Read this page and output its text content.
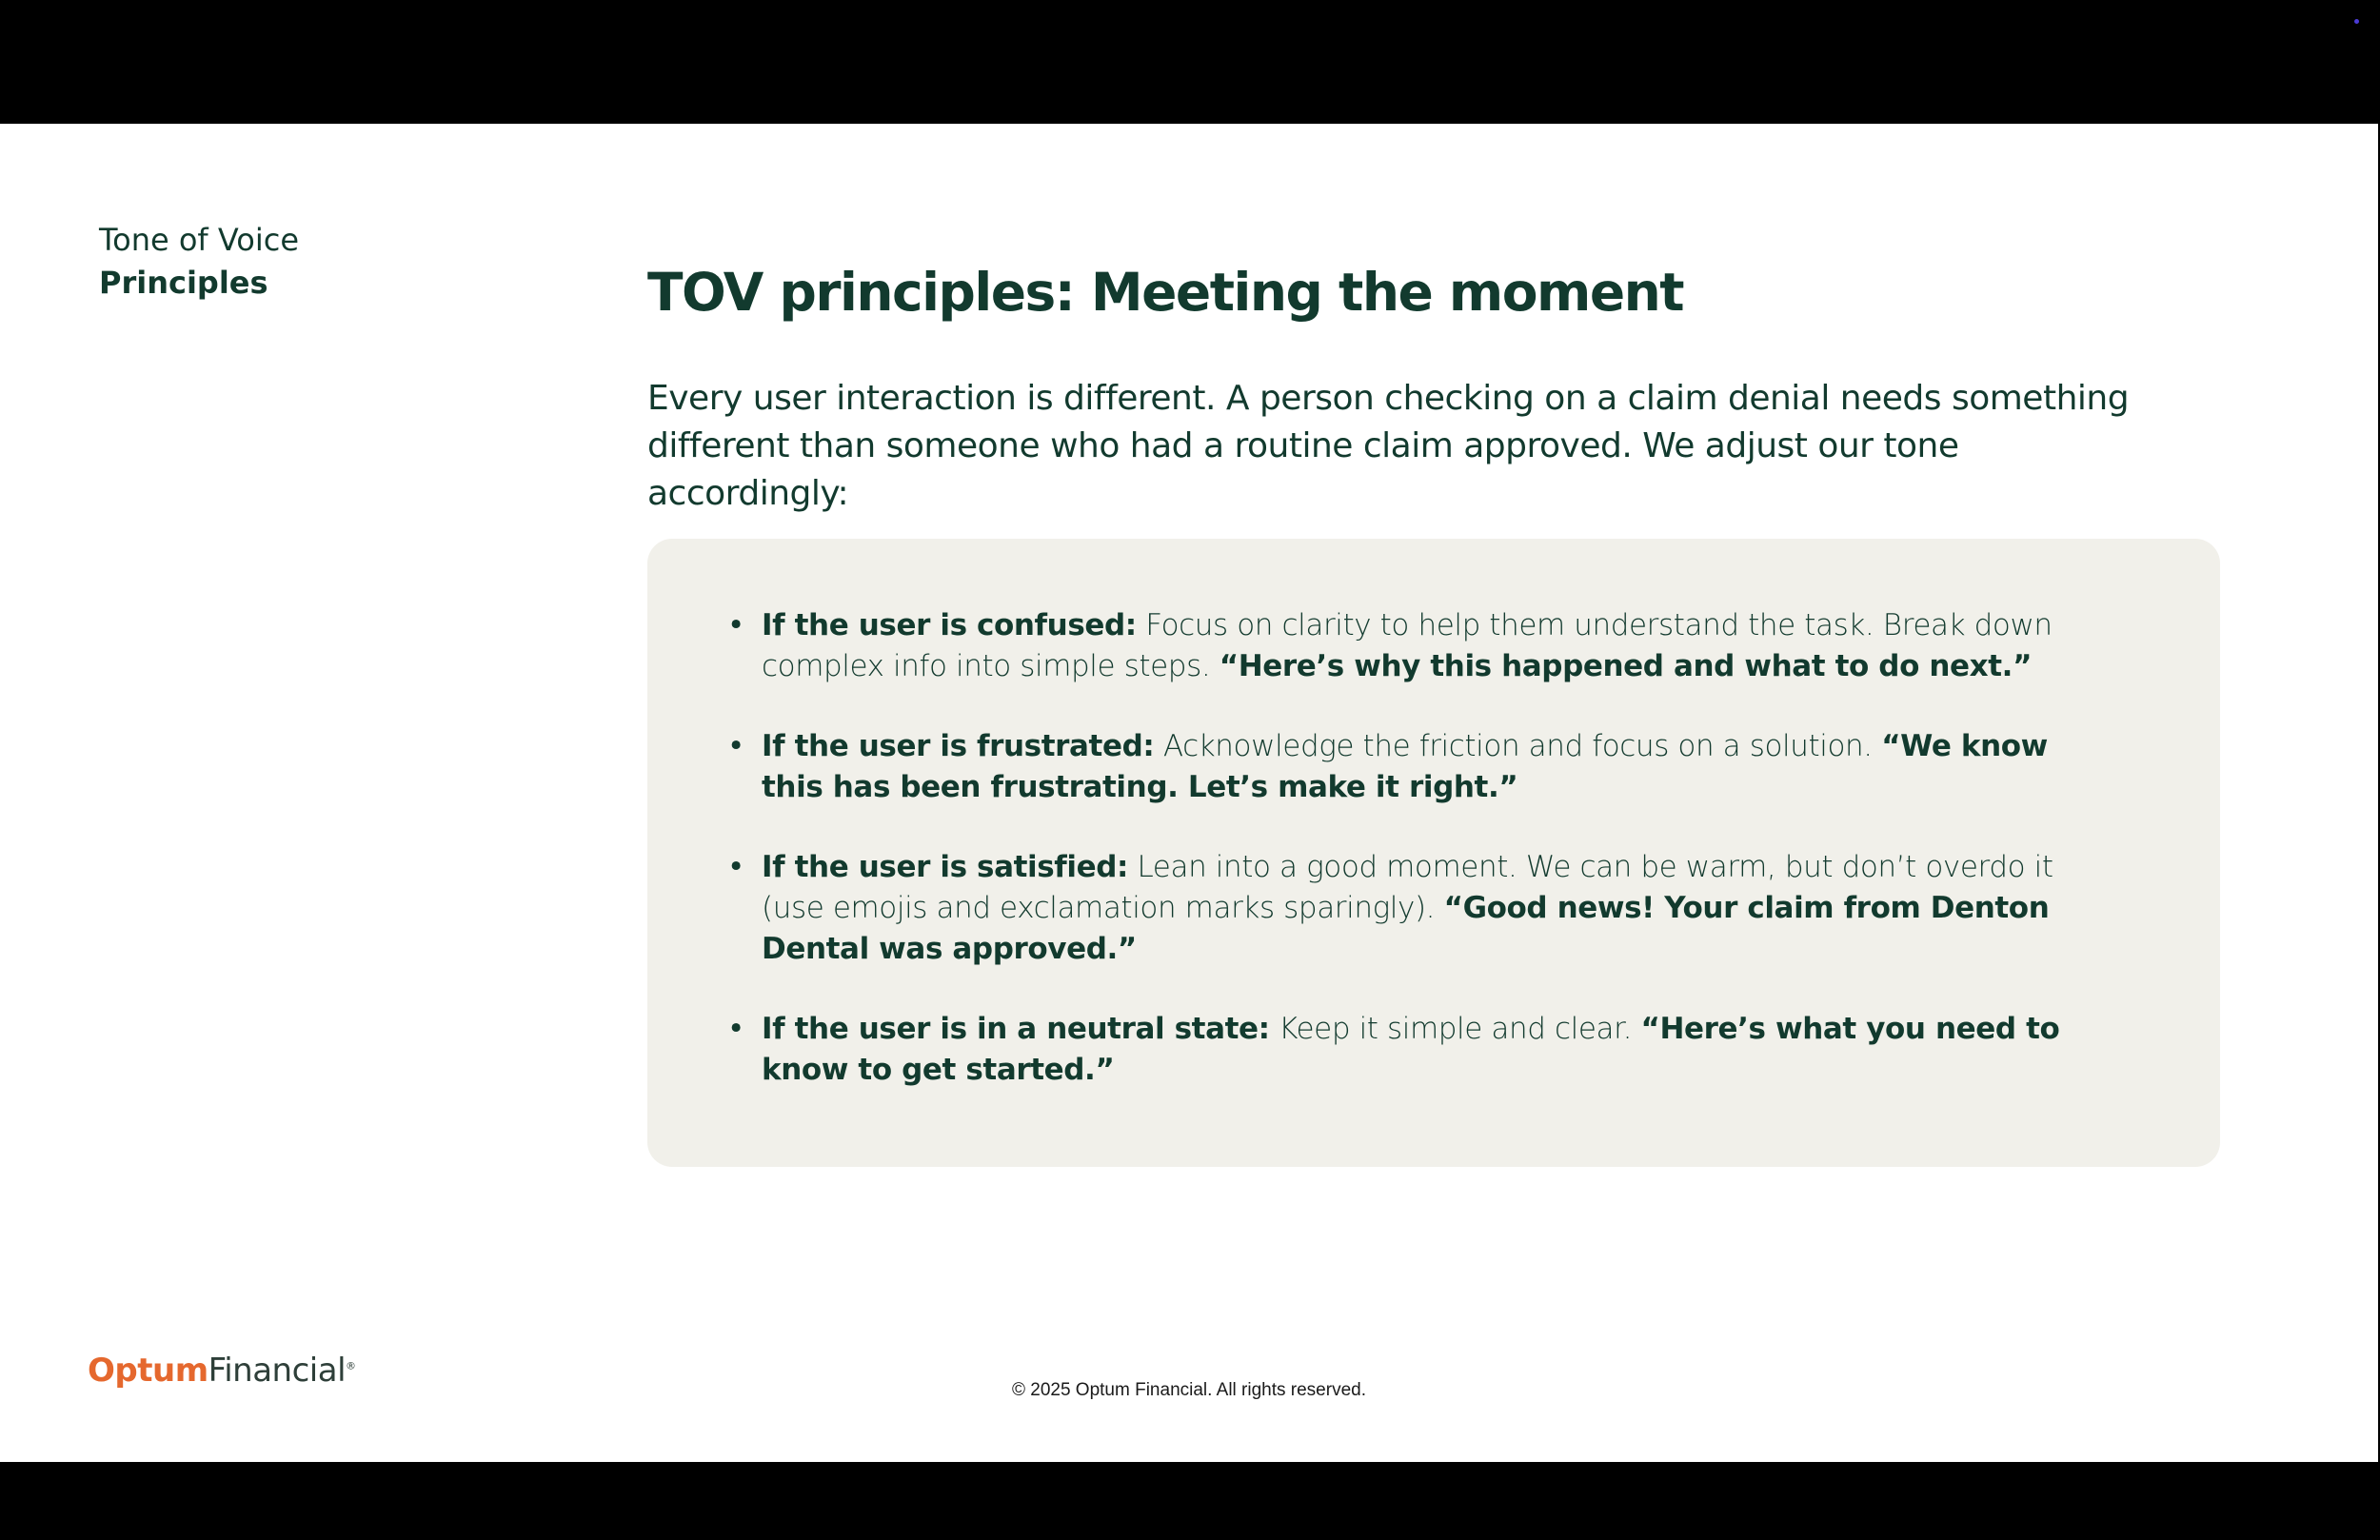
Tone of Voice
Principles	TOV principles: Meeting the moment

Every user interaction is different. A person checking on a claim denial needs something different than someone who had a routine claim approved. We adjust our tone accordingly:

• If the user is confused: Focus on clarity to help them understand the task. Break down complex info into simple steps. “Here’s why this happened and what to do next.”
• If the user is frustrated: Acknowledge the friction and focus on a solution. “We know this has been frustrating. Let’s make it right.”
• If the user is satisfied: Lean into a good moment. We can be warm, but don’t overdo it (use emojis and exclamation marks sparingly). “Good news! Your claim from Denton Dental was approved.”
• If the user is in a neutral state: Keep it simple and clear. “Here’s what you need to know to get started.”
OptumFinancial®
© 2025 Optum Financial. All rights reserved.
